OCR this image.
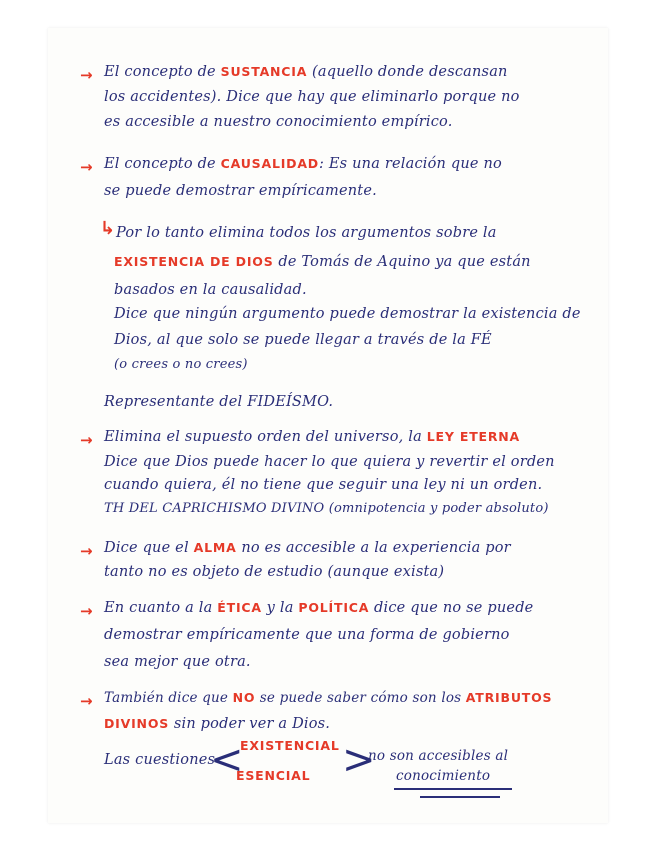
→ El concepto de SUSTANCIA (aquello donde descansan
los accidentes). Dice que hay que eliminarlo porque no
es accesible a nuestro conocimiento empírico.
→ El concepto de CAUSALIDAD: Es una relación que no
se puede demostrar empíricamente.
↳ Por lo tanto elimina todos los argumentos sobre la
EXISTENCIA DE DIOS de Tomás de Aquino ya que están
basados en la causalidad.
Dice que ningún argumento puede demostrar la existencia de
Dios, al que solo se puede llegar a través de la FÉ
(o crees o no crees)
Representante del FIDEÍSMO.
→ Elimina el supuesto orden del universo, la LEY ETERNA
Dice que Dios puede hacer lo que quiera y revertir el orden
cuando quiera, él no tiene que seguir una ley ni un orden.
TH DEL CAPRICHISMO DIVINO (omnipotencia y poder absoluto)
→ Dice que el ALMA no es accesible a la experiencia por
tanto no es objeto de estudio (aunque exista)
→ En cuanto a la ÉTICA y la POLÍTICA dice que no se puede
demostrar empíricamente que una forma de gobierno
sea mejor que otra.
→ También dice que NO se puede saber cómo son los ATRIBUTOS
DIVINOS sin poder ver a Dios.
Las cuestiones
<
EXISTENCIAL
ESENCIAL >
no son accesibles al
conocimiento
